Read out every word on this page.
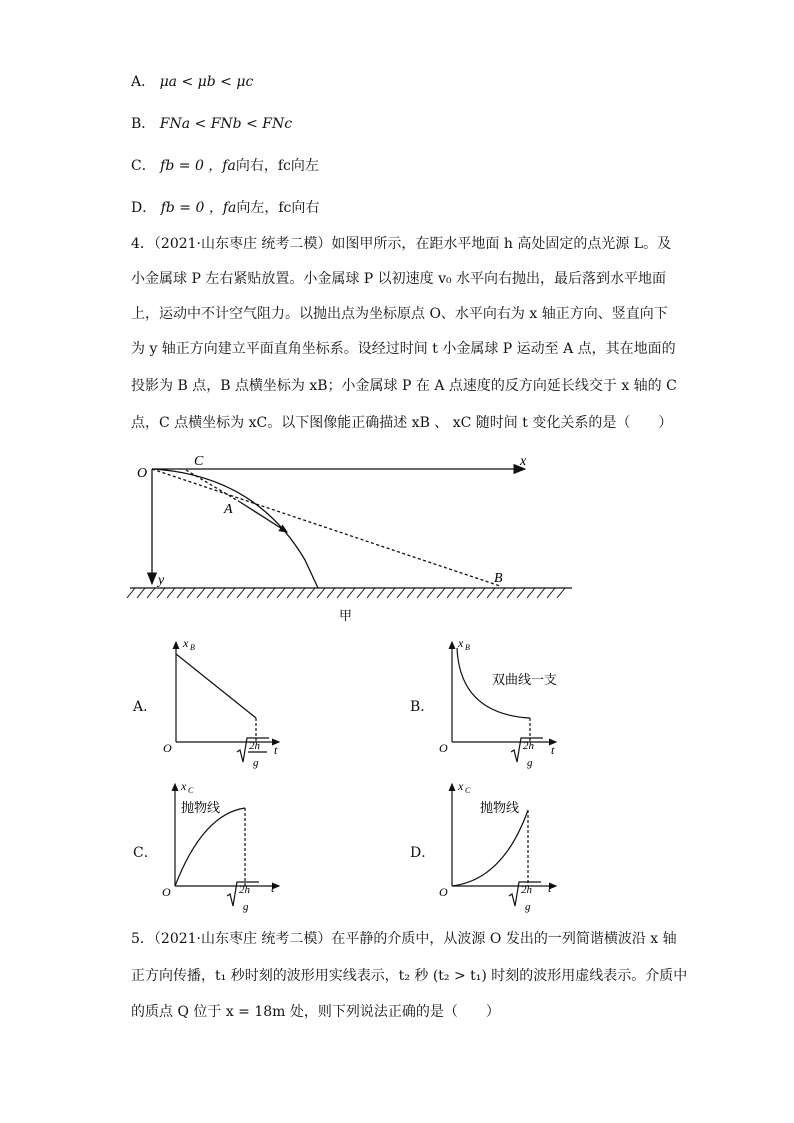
A． μa < μb < μc
B． FNa < FNb < FNc
C． fb = 0 ，fa向右，fc向左
D． fb = 0 ，fa向左，fc向右
4．（2021·山东枣庄 统考二模）如图甲所示，在距水平地面 h 高处固定的点光源 L。及
小金属球 P 左右紧贴放置。小金属球 P 以初速度 v₀ 水平向右抛出，最后落到水平地面
上，运动中不计空气阻力。以抛出点为坐标原点 O、水平向右为 x 轴正方向、竖直向下
为 y 轴正方向建立平面直角坐标系。设经过时间 t 小金属球 P 运动至 A 点，其在地面的
投影为 B 点，B 点横坐标为 xB；小金属球 P 在 A 点速度的反方向延长线交于 x 轴的 C
点，C 点横坐标为 xC。以下图像能正确描述 xB 、 xC 随时间 t 变化关系的是（　　）
O
C	x
A
y	B
甲
A．
x B
O	t
2h
g
B．
x B
O	t
2h
g
双曲线一支
C．
x C
O	t
2h
g
抛物线
D．
x C
O	t
2h
g
抛物线
5．（2021·山东枣庄 统考二模）在平静的介质中，从波源 O 发出的一列简谐横波沿 x 轴
正方向传播，t₁ 秒时刻的波形用实线表示，t₂ 秒 (t₂ > t₁) 时刻的波形用虚线表示。介质中
的质点 Q 位于 x = 18m 处，则下列说法正确的是（　　）
